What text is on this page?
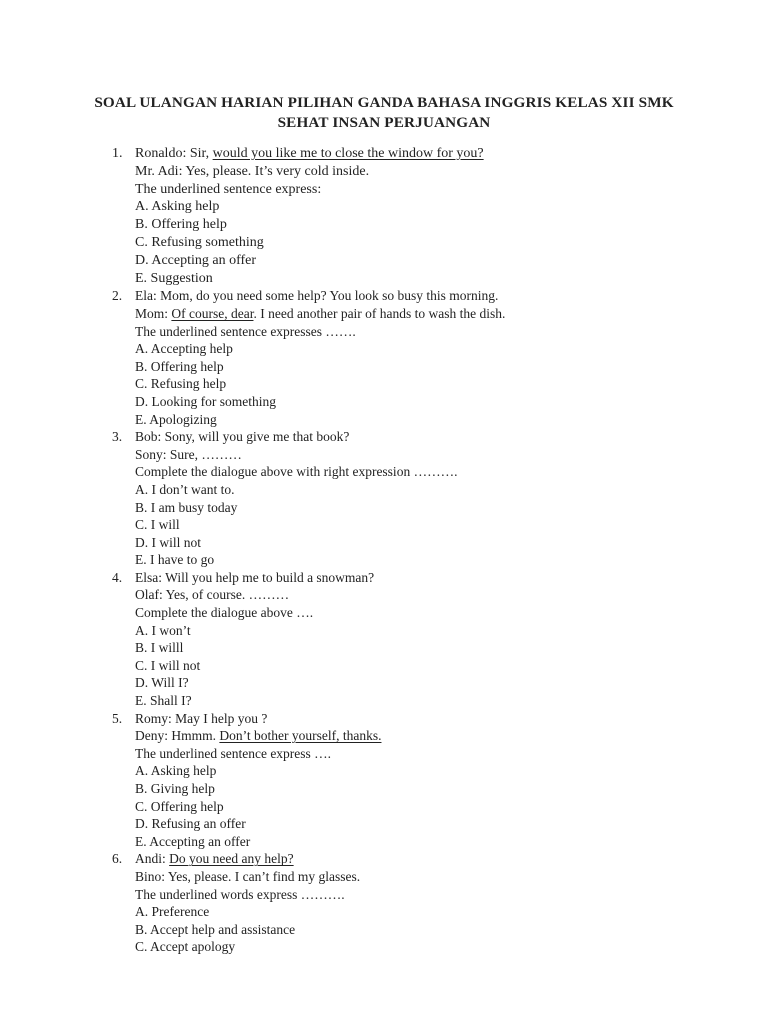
SOAL ULANGAN HARIAN PILIHAN GANDA BAHASA INGGRIS KELAS XII SMK
SEHAT INSAN PERJUANGAN
1. Ronaldo: Sir, would you like me to close the window for you?
Mr. Adi: Yes, please. It’s very cold inside.
The underlined sentence express:
A. Asking help
B. Offering help
C. Refusing something
D. Accepting an offer
E. Suggestion
2. Ela: Mom, do you need some help? You look so busy this morning.
Mom: Of course, dear. I need another pair of hands to wash the dish.
The underlined sentence expresses …….
A. Accepting help
B. Offering help
C. Refusing help
D. Looking for something
E. Apologizing
3. Bob: Sony, will you give me that book?
Sony: Sure, ………
Complete the dialogue above with right expression ……….
A. I don’t want to.
B. I am busy today
C. I will
D. I will not
E. I have to go
4. Elsa: Will you help me to build a snowman?
Olaf: Yes, of course. ………
Complete the dialogue above ….
A. I won’t
B. I willl
C. I will not
D. Will I?
E. Shall I?
5. Romy: May I help you ?
Deny: Hmmm. Don’t bother yourself, thanks.
The underlined sentence express ….
A. Asking help
B. Giving help
C. Offering help
D. Refusing an offer
E. Accepting an offer
6. Andi: Do you need any help?
Bino: Yes, please. I can’t find my glasses.
The underlined words express ……….
A. Preference
B. Accept help and assistance
C. Accept apology
